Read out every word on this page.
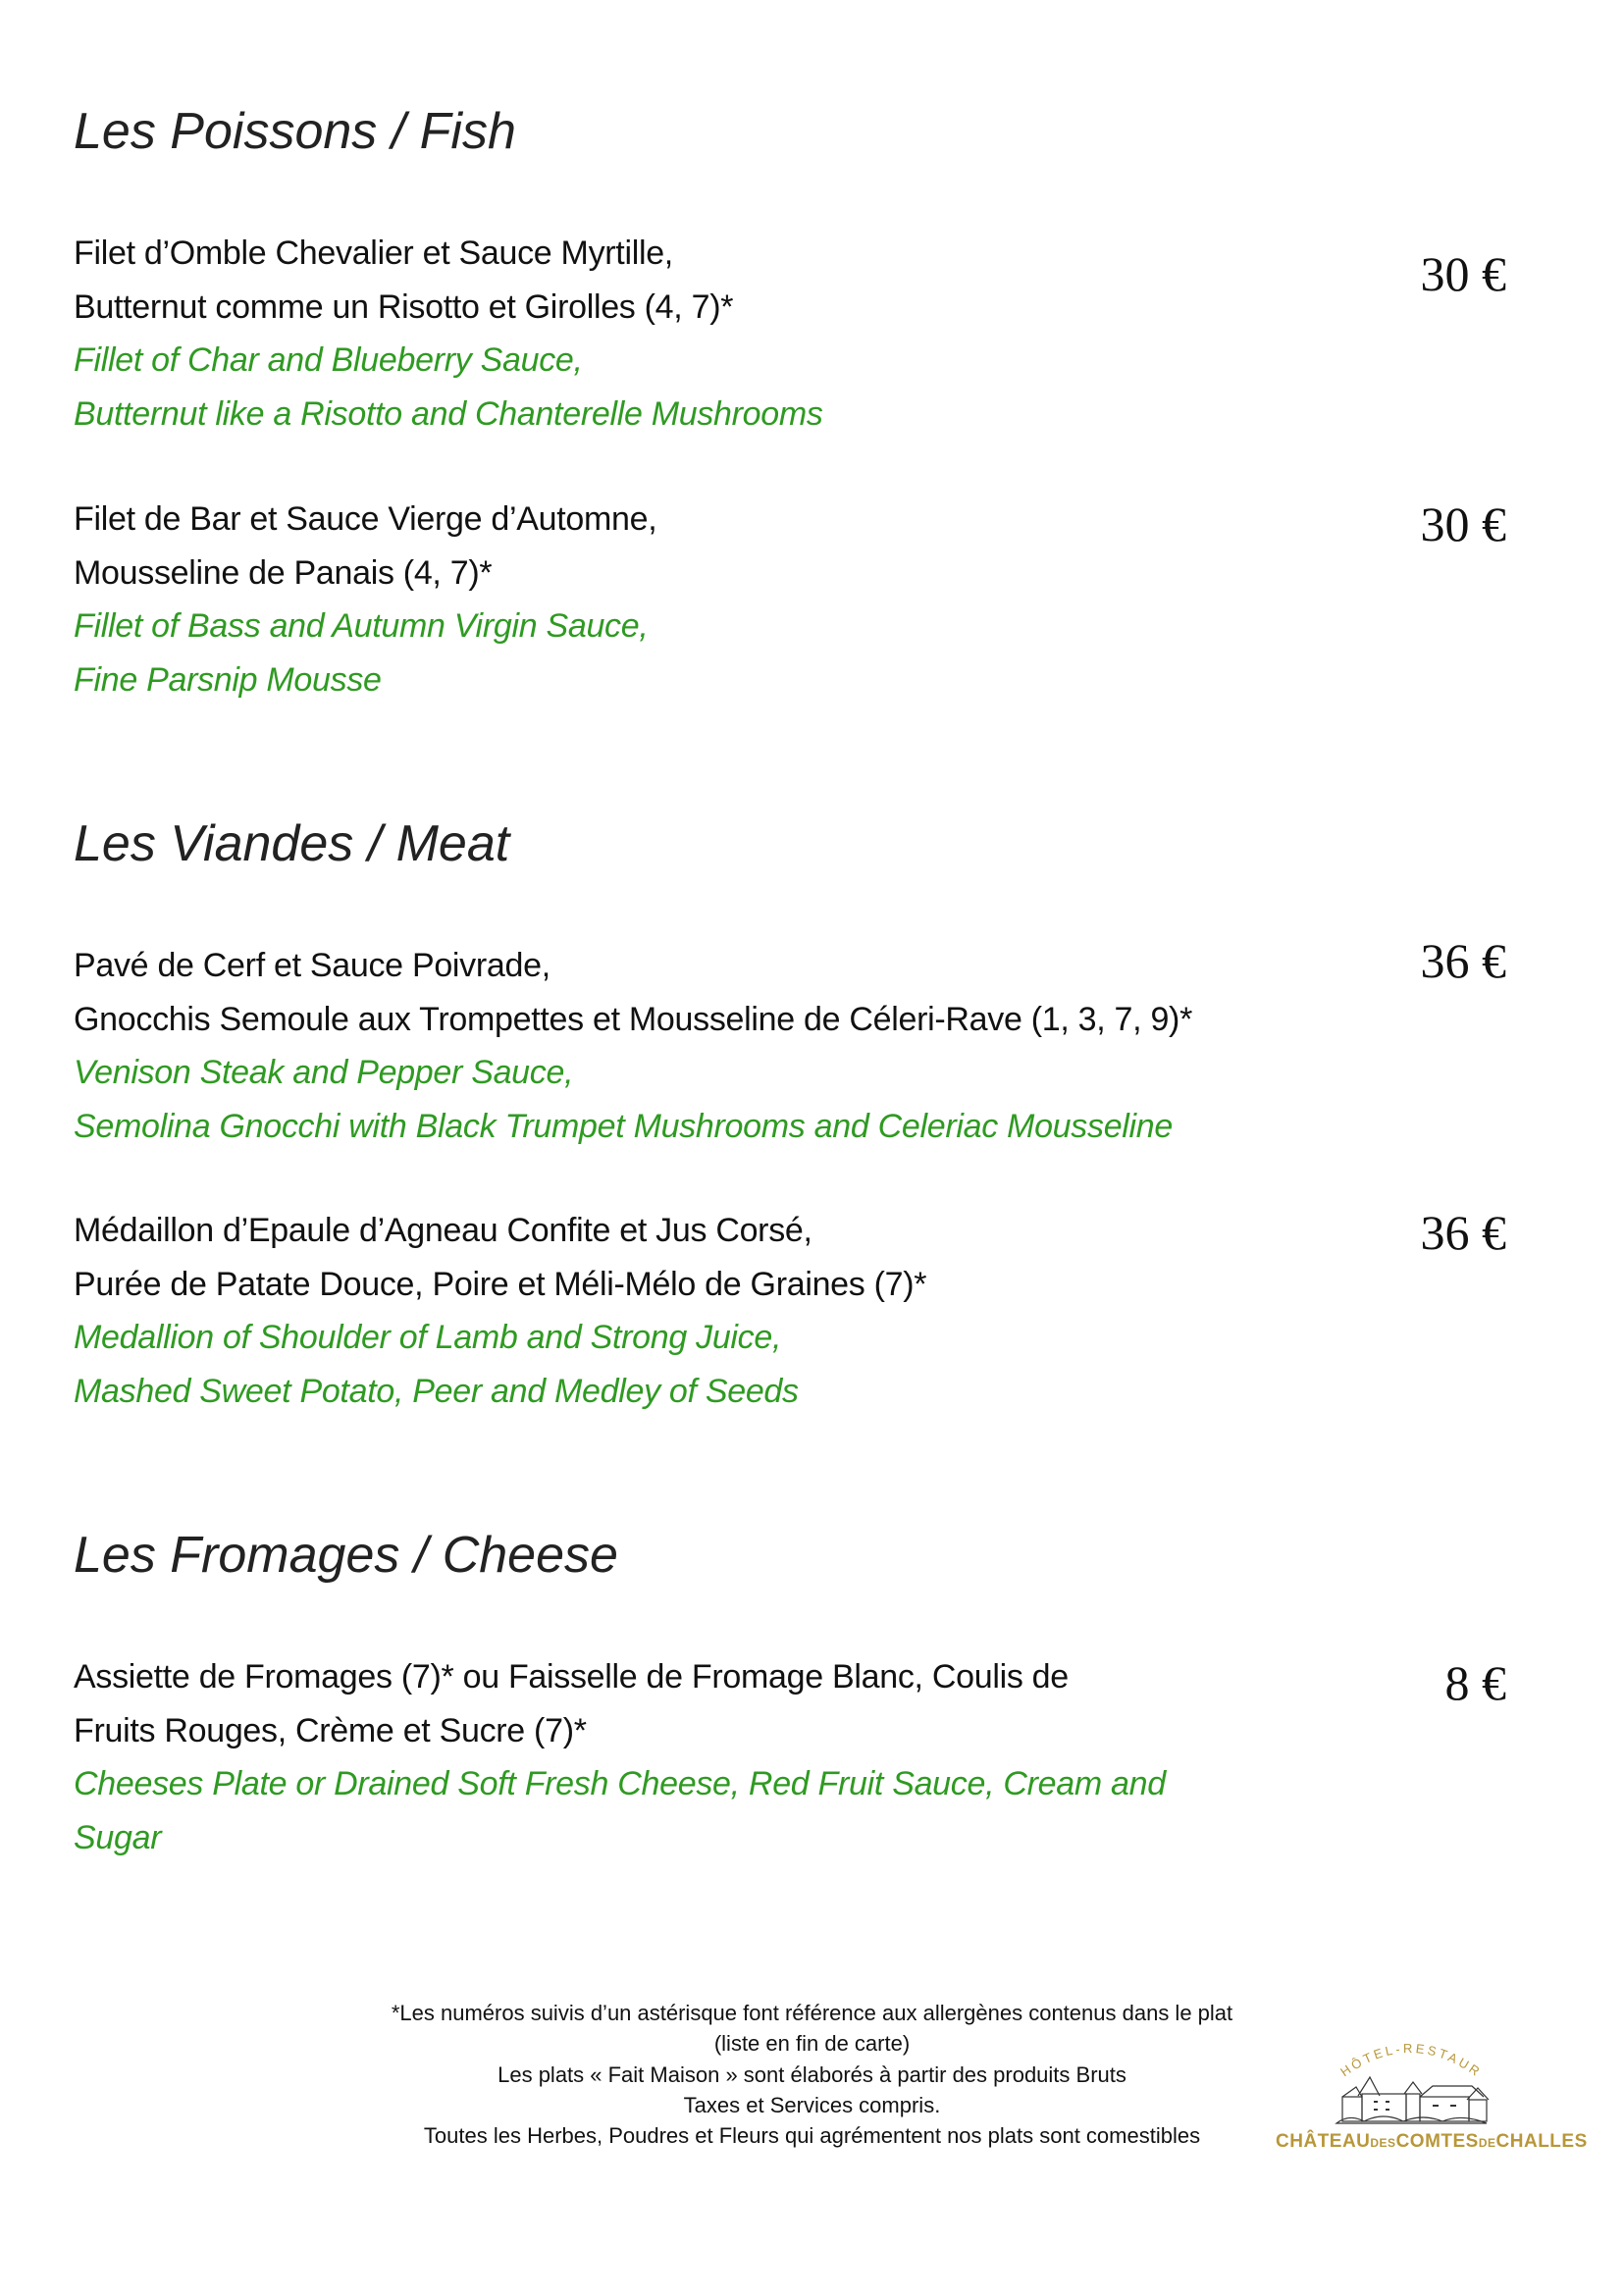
Les Poissons / Fish
Filet d’Omble Chevalier et Sauce Myrtille,
Butternut comme un Risotto et Girolles (4, 7)*
Fillet of Char and Blueberry Sauce,
Butternut like a Risotto and Chanterelle Mushrooms
30 €
Filet de Bar et Sauce Vierge d’Automne,
Mousseline de Panais (4, 7)*
Fillet of Bass and Autumn Virgin Sauce,
Fine Parsnip Mousse
30 €
Les Viandes / Meat
Pavé de Cerf et Sauce Poivrade,
Gnocchis Semoule aux Trompettes et Mousseline de Céleri-Rave (1, 3, 7, 9)*
Venison Steak and Pepper Sauce,
Semolina Gnocchi with Black Trumpet Mushrooms and Celeriac Mousseline
36 €
Médaillon d’Epaule d’Agneau Confite et Jus Corsé,
Purée de Patate Douce, Poire et Méli-Mélo de Graines (7)*
Medallion of Shoulder of Lamb and Strong Juice,
Mashed Sweet Potato, Peer and Medley of Seeds
36 €
Les Fromages / Cheese
Assiette de Fromages (7)* ou Faisselle de Fromage Blanc, Coulis de
Fruits Rouges, Crème et Sucre (7)*
Cheeses Plate or Drained Soft Fresh Cheese, Red Fruit Sauce, Cream and
Sugar
8 €
*Les numéros suivis d’un astérisque font référence aux allergènes contenus dans le plat
(liste en fin de carte)
Les plats « Fait Maison » sont élaborés à partir des produits Bruts
Taxes et Services compris.
Toutes les Herbes, Poudres et Fleurs qui agrémentent nos plats sont comestibles
HÔTEL-RESTAUR
CHÂTEAUDESCOMTESDECHALLES
